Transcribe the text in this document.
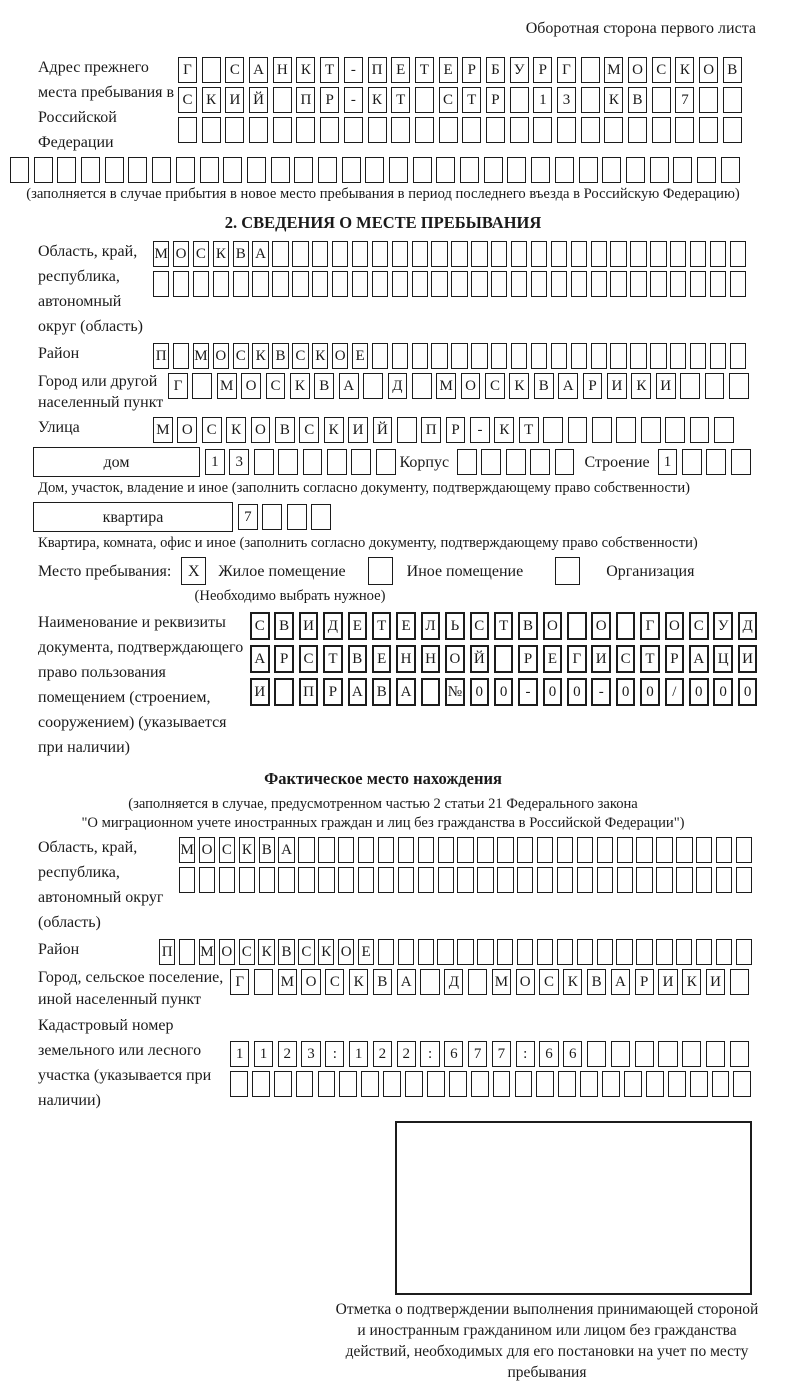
Оборотная сторона первого листа
Адрес прежнего места пребывания в Российской Федерации
Г	С А Н К Т	-	П Е Т Е Р	Б У Р	Г	М О С К О В
С К И Й П Р	-	К Т	С Т Р	1	3	К В	7
(заполняется в случае прибытия в новое место пребывания в период последнего въезда в Российскую Федерацию)
2. СВЕДЕНИЯ О МЕСТЕ ПРЕБЫВАНИЯ
Область, край, республика, автономный округ (область)
М О С К В А
Район	П М О С К В С К О Е
Город или другой населенный пункт
Г	М О С К В А	Д	М О С К В А Р И К И
Улица	М О С К О В С К И Й	П Р	-	К Т
дом	1	3	Корпус	Строение 1
Дом, участок, владение и иное (заполнить согласно документу, подтверждающему право собственности)
квартира	7
Квартира, комната, офис и иное (заполнить согласно документу, подтверждающему право собственности)
Место пребывания:	X	Жилое помещение	Иное помещение	Организация
(Необходимо выбрать нужное)
Наименование и реквизиты документа, подтверждающего право пользования помещением (строением, сооружением) (указывается при наличии)
С В И Д Е	Т	Е Л Ь	С Т В О	О	Г О С У Д
А Р	С Т В Е Н Н О Й	Р	Е	Г И С Т	Р А Ц И
И	П Р А В А № 0	0	-	0	0	-	0	0	/	0	0	0
Фактическое место нахождения
(заполняется в случае, предусмотренном частью 2 статьи 21 Федерального закона
"О миграционном учете иностранных граждан и лиц без гражданства в Российской Федерации")
Область, край, республика, автономный округ (область)
М О С К В А
Район	П М О С К В С К О Е
Город, сельское поселение, иной населенный пункт
Г	М О С К В А	Д	М О С К В А Р И К И
Кадастровый номер земельного или лесного участка (указывается при наличии)
1	1	2	3	:	1	2	2	:	6	7	7	:	6	6
Отметка о подтверждении выполнения принимающей стороной и иностранным гражданином или лицом без гражданства действий, необходимых для его постановки на учет по месту пребывания
